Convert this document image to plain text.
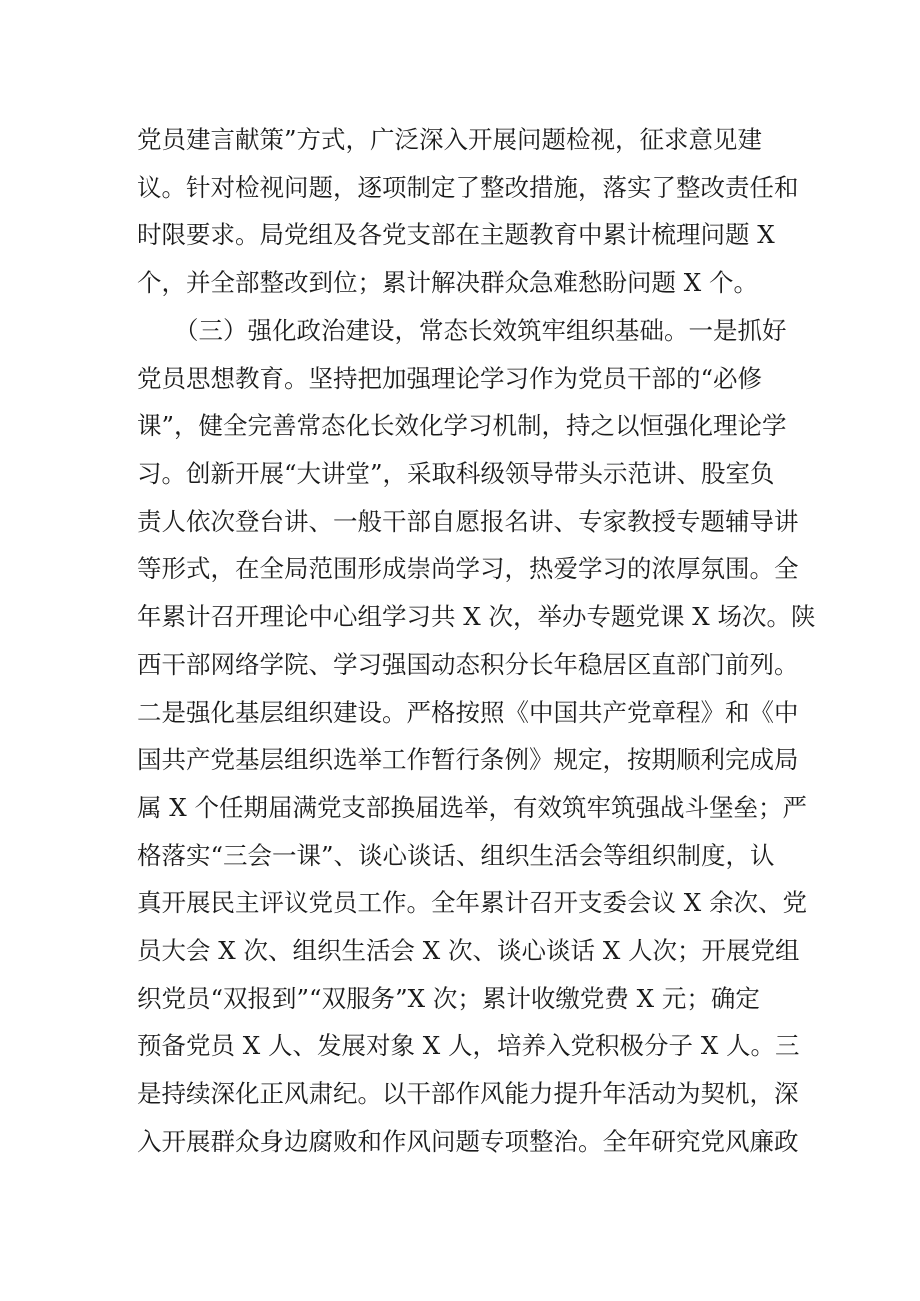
党员建言献策”方式，广泛深入开展问题检视，征求意见建
议。针对检视问题，逐项制定了整改措施，落实了整改责任和
时限要求。局党组及各党支部在主题教育中累计梳理问题 X
个，并全部整改到位；累计解决群众急难愁盼问题 X 个。
（三）强化政治建设，常态长效筑牢组织基础。一是抓好
党员思想教育。坚持把加强理论学习作为党员干部的“必修
课”，健全完善常态化长效化学习机制，持之以恒强化理论学
习。创新开展“大讲堂”，采取科级领导带头示范讲、股室负
责人依次登台讲、一般干部自愿报名讲、专家教授专题辅导讲
等形式，在全局范围形成崇尚学习，热爱学习的浓厚氛围。全
年累计召开理论中心组学习共 X 次，举办专题党课 X 场次。陕
西干部网络学院、学习强国动态积分长年稳居区直部门前列。
二是强化基层组织建设。严格按照《中国共产党章程》和《中
国共产党基层组织选举工作暂行条例》规定，按期顺利完成局
属 X 个任期届满党支部换届选举，有效筑牢筑强战斗堡垒；严
格落实“三会一课”、谈心谈话、组织生活会等组织制度，认
真开展民主评议党员工作。全年累计召开支委会议 X 余次、党
员大会 X 次、组织生活会 X 次、谈心谈话 X 人次；开展党组
织党员“双报到”“双服务”X 次；累计收缴党费 X 元；确定
预备党员 X 人、发展对象 X 人，培养入党积极分子 X 人。三
是持续深化正风肃纪。以干部作风能力提升年活动为契机，深
入开展群众身边腐败和作风问题专项整治。全年研究党风廉政
